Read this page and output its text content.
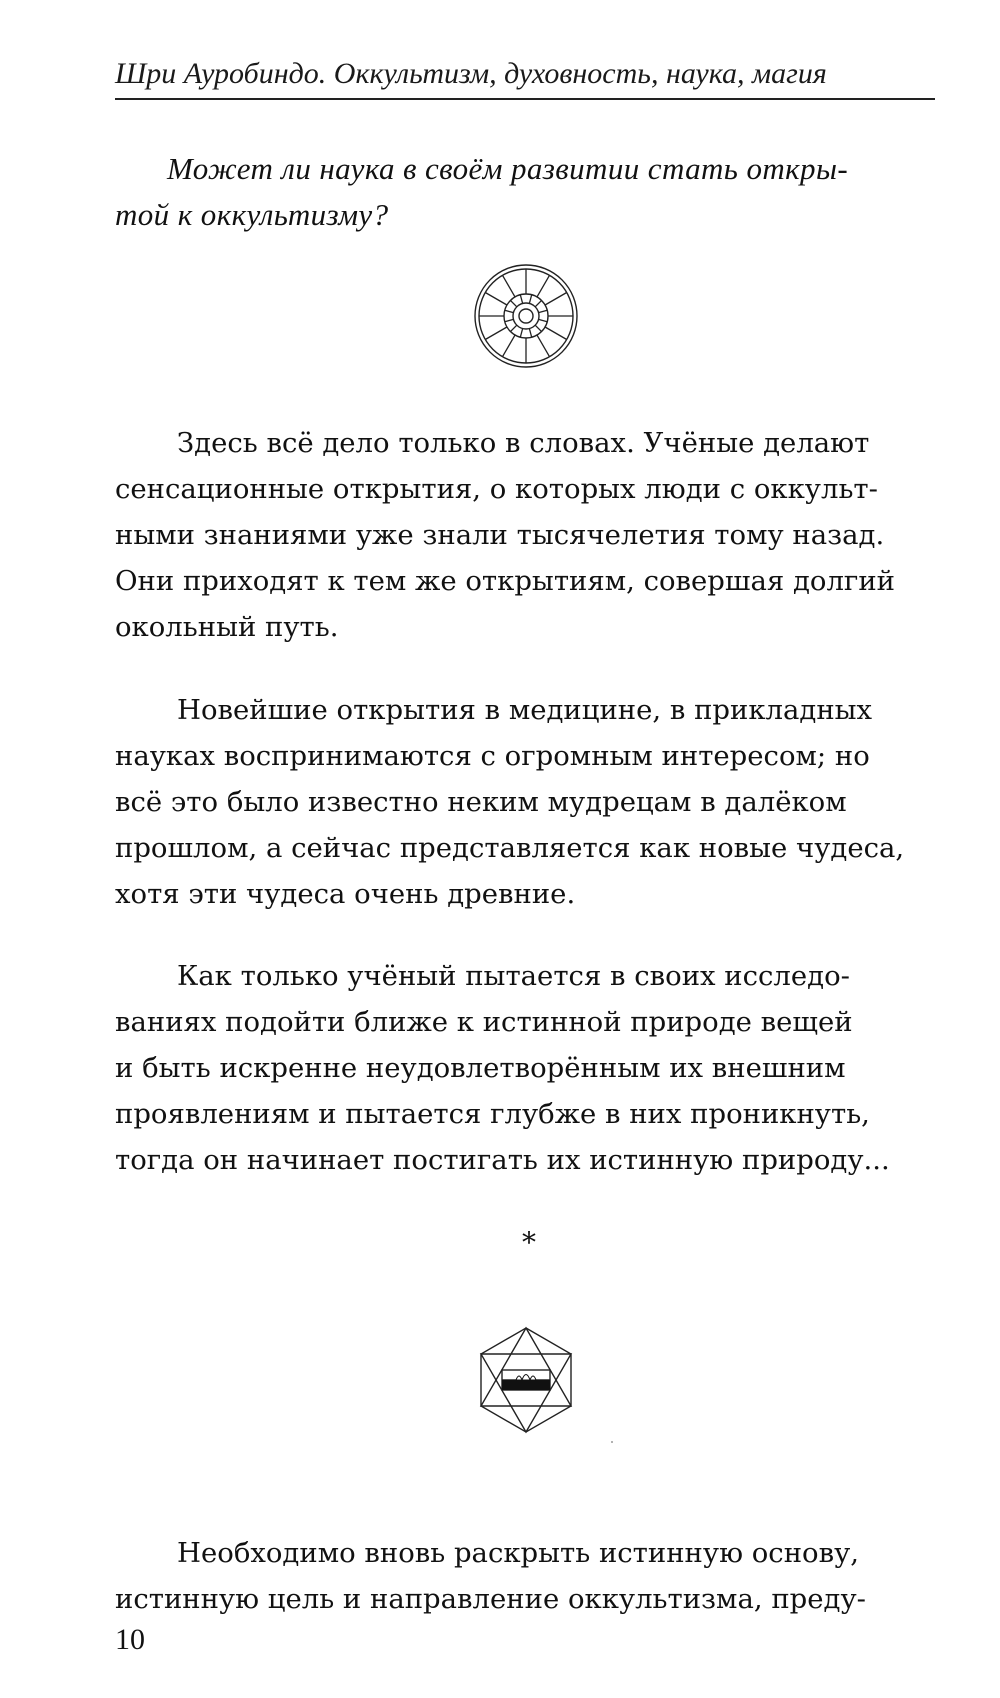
Шри Ауробиндо. Оккультизм, духовность, наука, магия

Может ли наука в своём развитии стать откры-
той к оккультизму?

Здесь всё дело только в словах. Учёные делают
сенсационные открытия, о которых люди с оккульт-
ными знаниями уже знали тысячелетия тому назад.
Они приходят к тем же открытиям, совершая долгий
окольный путь.

Новейшие открытия в медицине, в прикладных
науках воспринимаются с огромным интересом; но
всё это было известно неким мудрецам в далёком
прошлом, а сейчас представляется как новые чудеса,
хотя эти чудеса очень древние.

Как только учёный пытается в своих исследо-
ваниях подойти ближе к истинной природе вещей
и быть искренне неудовлетворённым их внешним
проявлениям и пытается глубже в них проникнуть,
тогда он начинает постигать их истинную природу...

*

Необходимо вновь раскрыть истинную основу,
истинную цель и направление оккультизма, преду-

10
